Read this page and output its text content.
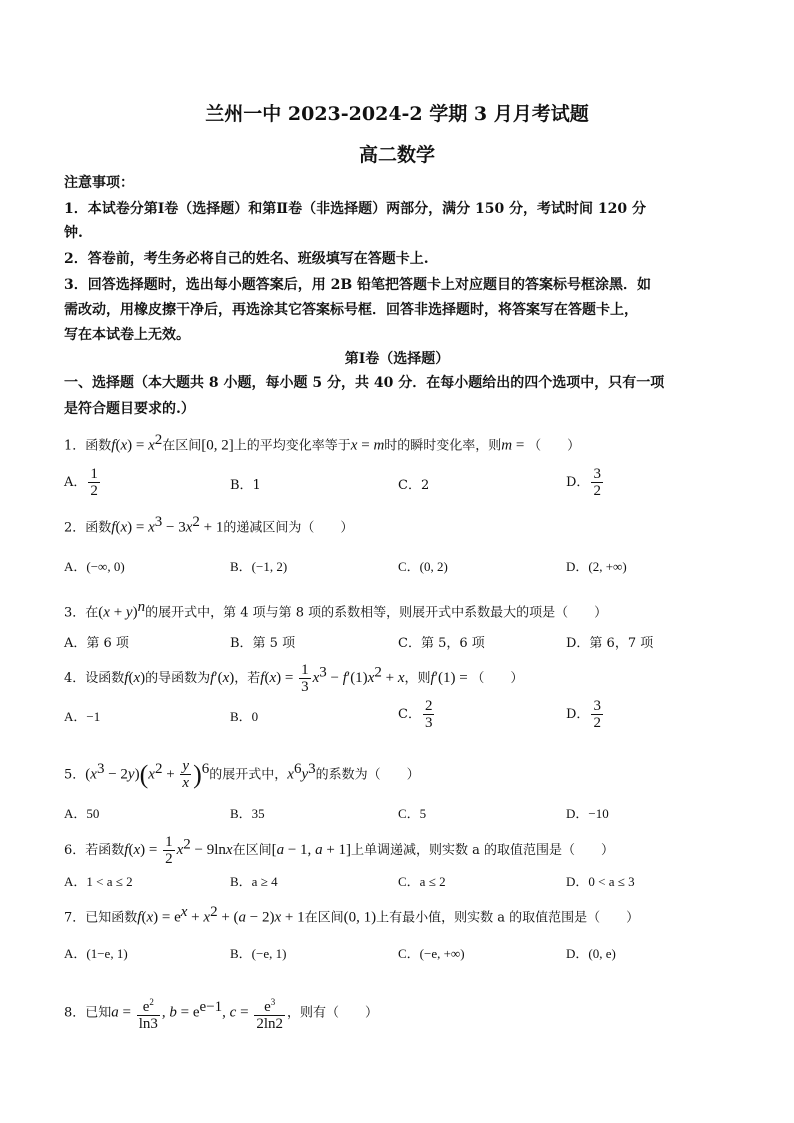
兰州一中 2023-2024-2 学期 3 月月考试题
高二数学
注意事项：
1．本试卷分第Ⅰ卷（选择题）和第Ⅱ卷（非选择题）两部分，满分 150 分，考试时间 120 分
钟.
2．答卷前，考生务必将自己的姓名、班级填写在答题卡上.
3．回答选择题时，选出每小题答案后，用 2B 铅笔把答题卡上对应题目的答案标号框涂黑．如
需改动，用橡皮擦干净后，再选涂其它答案标号框．回答非选择题时，将答案写在答题卡上，
写在本试卷上无效。
第Ⅰ卷（选择题）
一、选择题（本大题共 8 小题，每小题 5 分，共 40 分．在每小题给出的四个选项中，只有一项
是符合题目要求的.）
1．函数$f(x) = x^2$在区间[0, 2]上的平均变化率等于x = m时的瞬时变化率，则m = （　　）
A． $\frac{1}{2}$	B．1	C．2	D． $\frac{3}{2}$
2．函数$f(x) = x^3 - 3x^2 + 1$的递减区间为（　　）
A．(−∞, 0)	B．(−1, 2)	C．(0, 2)	D．(2, +∞)
3．在$(x + y)^n$的展开式中，第 4 项与第 8 项的系数相等，则展开式中系数最大的项是（　　）
A．第 6 项	B．第 5 项	C．第 5，6 项	D．第 6，7 项
4．设函数f(x)的导函数为f′(x)，若$f(x) = \frac{1}{3} x^3 - f'(1)x^2 + x$，则f′(1) = （　　）
A．−1	B．0	C． $\frac{2}{3}$	D． $\frac{3}{2}$
5．$(x^3 - 2y)(x^2 + \frac{y}{x} )^6$的展开式中，$x^6y^3$的系数为（　　）
A．50	B．35	C．5	D．−10
6．若函数$f(x) = \frac{1}{2} x^2 - 9\ln x$在区间[a − 1, a + 1]上单调递减，则实数 a 的取值范围是（　　）
A．1 < a ≤ 2	B．a ≥ 4	C．a ≤ 2	D．0 < a ≤ 3
7．已知函数$f(x) = e^x + x^2 + (a - 2)x + 1$在区间(0, 1)上有最小值，则实数 a 的取值范围是（　　）
A．(1−e, 1)	B．(−e, 1)	C．(−e, +∞)	D．(0, e)
8．已知$a = \frac{e^2}{\ln 3}$ , $b = e^{e-1}$, $c = \frac{e^3}{2\ln 2}$ ，则有（　　）
